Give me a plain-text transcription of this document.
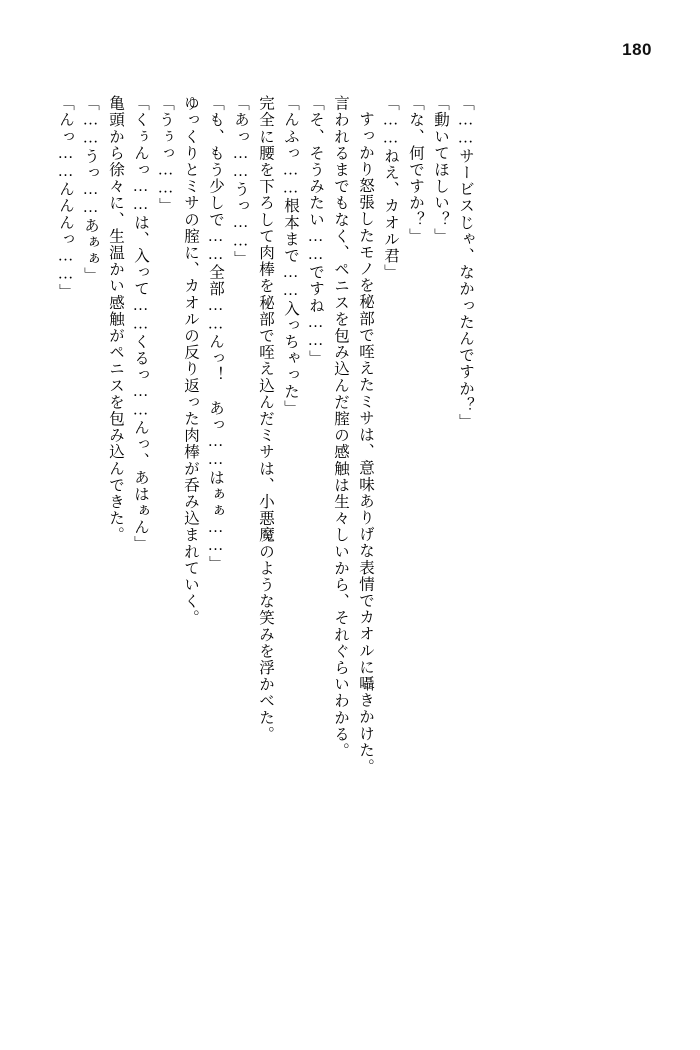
180
「んっ……んんんっ……」 「……うっ……あぁぁ」 亀頭から徐々に、生温かい感触がペニスを包み込んできた。 「くぅんっ……は、入って……くるっ……んっ、あはぁん」 「うぅっ……」 ゆっくりとミサの腟に、カオルの反り返った肉棒が呑み込まれていく。 「も、もう少しで……全部……んっ！　あっ……はぁぁ……」 「あっ……うっ……」 完全に腰を下ろして肉棒を秘部で咥え込んだミサは、小悪魔のような笑みを浮かべた。 「んふっ……根本まで……入っちゃった」 「そ、そうみたい……ですね……」 言われるまでもなく、ペニスを包み込んだ腟の感触は生々しいから、それぐらいわかる。 すっかり怒張したモノを秘部で咥えたミサは、意味ありげな表情でカオルに囁きかけた。 「……ねえ、カオル君」 「な、何ですか？」 「動いてほしい？」 「……サービスじゃ、なかったんですか？」
